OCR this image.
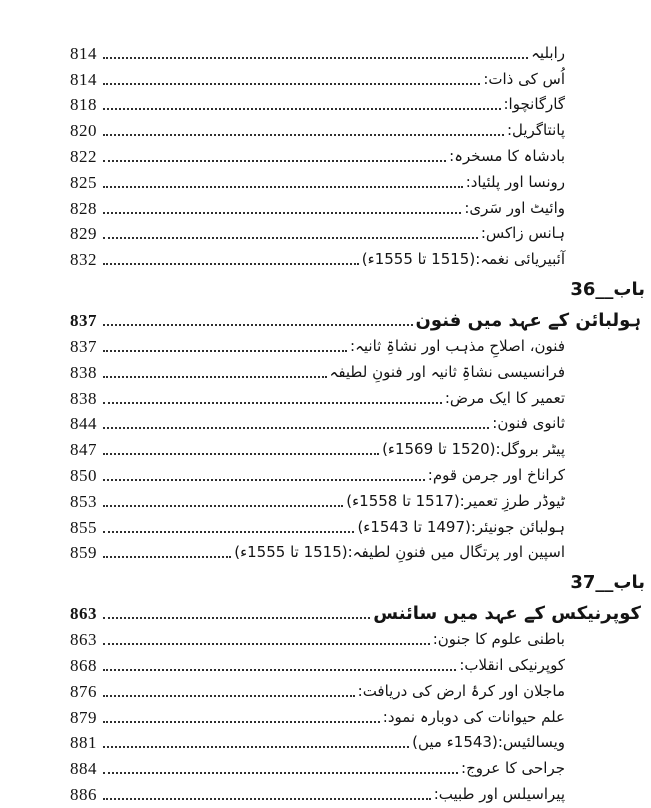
814	رابلیہ
814	اُس کی ذات:
818	گارگانچوا:
820	پانتاگریل:
822	بادشاہ کا مسخرہ:
825	رونسا اور پلئیاد:
828	وائیٹ اور سَری:
829	ہانس زاکس:
832	آئبیریائی نغمہ:(1515 تا 1555ء)
باب__36
837	ہولبائن کے عہد میں فنون
837	فنون، اصلاحِ مذہب اور نشاۃِ ثانیہ:
838	فرانسیسی نشاۃِ ثانیہ اور فنونِ لطیفہ
838	تعمیر کا ایک مرض:
844	ثانوی فنون:
847	پیٹر بروگل:(1520 تا 1569ء)
850	کراناخ اور جرمن قوم:
853	ٹیوڈر طرزِ تعمیر:(1517 تا 1558ء)
855	ہولبائن جونیئر:(1497 تا 1543ء)
859	اسپین اور پرتگال میں فنونِ لطیفہ:(1515 تا 1555ء)
باب__37
863	کوپرنیکس کے عہد میں سائنس
863	باطنی علوم کا جنون:
868	کوپرنیکی انقلاب:
876	ماجلان اور کرۂ ارض کی دریافت:
879	علم حیوانات کی دوبارہ نمود:
881	ویسالئیس:(1543ء میں)
884	جراحی کا عروج:
886	پیراسیلس اور طبیب:
